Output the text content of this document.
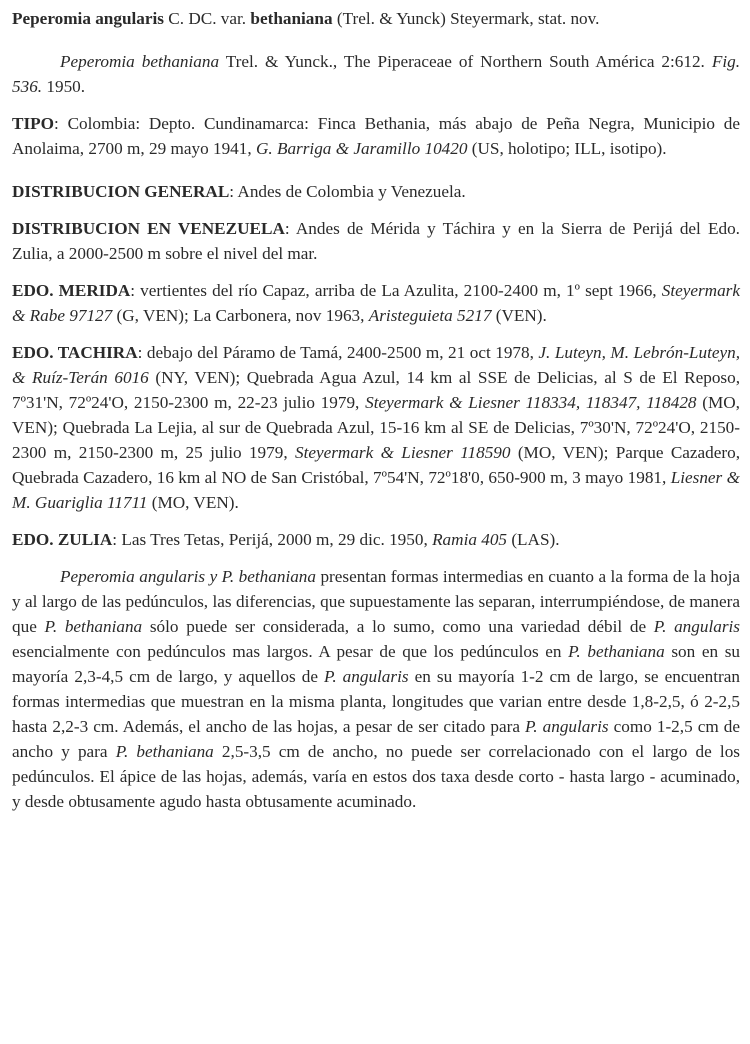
Peperomia angularis C. DC. var. bethaniana (Trel. & Yunck) Steyermark, stat. nov.

Peperomia bethaniana Trel. & Yunck., The Piperaceae of Northern South América 2:612. Fig. 536. 1950.

TIPO: Colombia: Depto. Cundinamarca: Finca Bethania, más abajo de Peña Negra, Municipio de Anolaima, 2700 m, 29 mayo 1941, G. Barriga & Jaramillo 10420 (US, holotipo; ILL, isotipo).

DISTRIBUCION GENERAL: Andes de Colombia y Venezuela.

DISTRIBUCION EN VENEZUELA: Andes de Mérida y Táchira y en la Sierra de Perijá del Edo. Zulia, a 2000-2500 m sobre el nivel del mar.

EDO. MERIDA: vertientes del río Capaz, arriba de La Azulita, 2100-2400 m, 1º sept 1966, Steyermark & Rabe 97127 (G, VEN); La Carbonera, nov 1963, Aristeguieta 5217 (VEN).

EDO. TACHIRA: debajo del Páramo de Tamá, 2400-2500 m, 21 oct 1978, J. Luteyn, M. Lebrón-Luteyn, & Ruíz-Terán 6016 (NY, VEN); Quebrada Agua Azul, 14 km al SSE de Delicias, al S de El Reposo, 7º31'N, 72º24'O, 2150-2300 m, 22-23 julio 1979, Steyermark & Liesner 118334, 118347, 118428 (MO, VEN); Quebrada La Lejia, al sur de Quebrada Azul, 15-16 km al SE de Delicias, 7º30'N, 72º24'O, 2150-2300 m, 2150-2300 m, 25 julio 1979, Steyermark & Liesner 118590 (MO, VEN); Parque Cazadero, Quebrada Cazadero, 16 km al NO de San Cristóbal, 7º54'N, 72º18'0, 650-900 m, 3 mayo 1981, Liesner & M. Guariglia 11711 (MO, VEN).

EDO. ZULIA: Las Tres Tetas, Perijá, 2000 m, 29 dic. 1950, Ramia 405 (LAS).

Peperomia angularis y P. bethaniana presentan formas intermedias en cuanto a la forma de la hoja y al largo de las pedúnculos, las diferencias, que supuestamente las separan, interrumpiéndose, de manera que P. bethaniana sólo puede ser considerada, a lo sumo, como una variedad débil de P. angularis esencialmente con pedúnculos mas largos. A pesar de que los pedúnculos en P. bethaniana son en su mayoría 2,3-4,5 cm de largo, y aquellos de P. angularis en su mayoría 1-2 cm de largo, se encuentran formas intermedias que muestran en la misma planta, longitudes que varian entre desde 1,8-2,5, ó 2-2,5 hasta 2,2-3 cm. Además, el ancho de las hojas, a pesar de ser citado para P. angularis como 1-2,5 cm de ancho y para P. bethaniana 2,5-3,5 cm de ancho, no puede ser correlacionado con el largo de los pedúnculos. El ápice de las hojas, además, varía en estos dos taxa desde corto - hasta largo - acuminado, y desde obtusamente agudo hasta obtusamente acuminado.
